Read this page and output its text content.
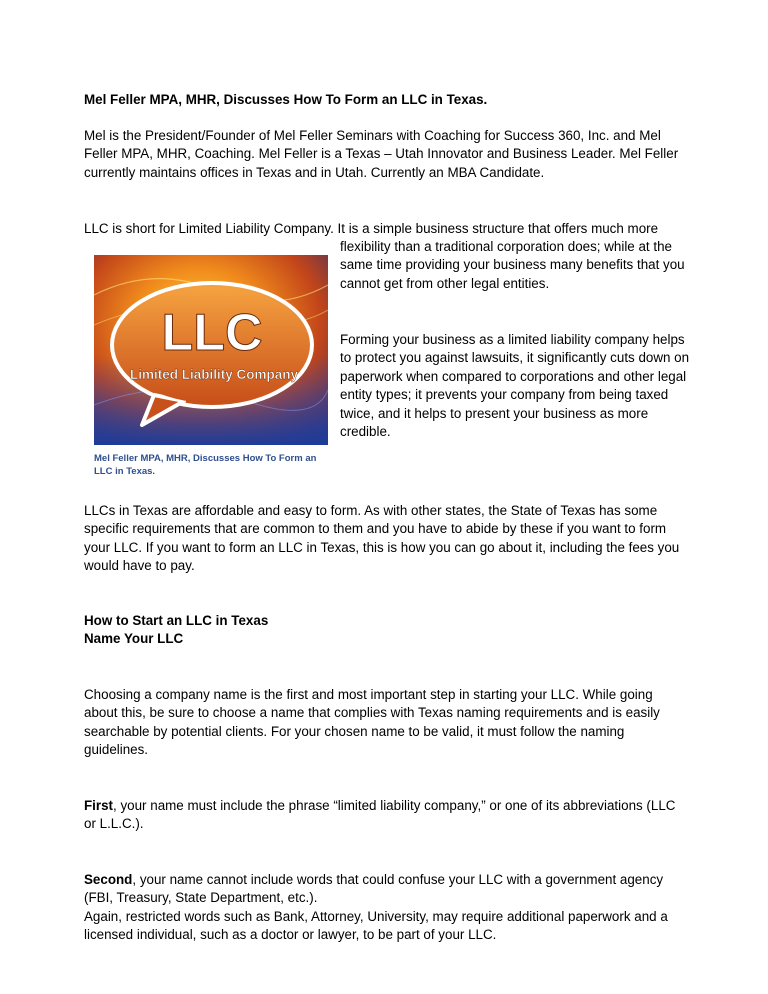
Mel Feller MPA, MHR, Discusses How To Form an LLC in Texas.

Mel is the President/Founder of Mel Feller Seminars with Coaching for Success 360, Inc. and Mel Feller MPA, MHR, Coaching. Mel Feller is a Texas – Utah Innovator and Business Leader. Mel Feller currently maintains offices in Texas and in Utah. Currently an MBA Candidate.

LLC is short for Limited Liability Company. It is a simple business structure that offers much more

LLC
Limited Liability Company
Mel Feller MPA, MHR, Discusses How To Form an LLC in Texas.

flexibility than a traditional corporation does; while at the same time providing your business many benefits that you cannot get from other legal entities.

Forming your business as a limited liability company helps to protect you against lawsuits, it significantly cuts down on paperwork when compared to corporations and other legal entity types; it prevents your company from being taxed twice, and it helps to present your business as more credible.

LLCs in Texas are affordable and easy to form. As with other states, the State of Texas has some specific requirements that are common to them and you have to abide by these if you want to form your LLC. If you want to form an LLC in Texas, this is how you can go about it, including the fees you would have to pay.

How to Start an LLC in Texas

Name Your LLC

Choosing a company name is the first and most important step in starting your LLC. While going about this, be sure to choose a name that complies with Texas naming requirements and is easily searchable by potential clients. For your chosen name to be valid, it must follow the naming guidelines.

First, your name must include the phrase “limited liability company,” or one of its abbreviations (LLC or L.L.C.).

Second, your name cannot include words that could confuse your LLC with a government agency (FBI, Treasury, State Department, etc.).

Again, restricted words such as Bank, Attorney, University, may require additional paperwork and a licensed individual, such as a doctor or lawyer, to be part of your LLC.
